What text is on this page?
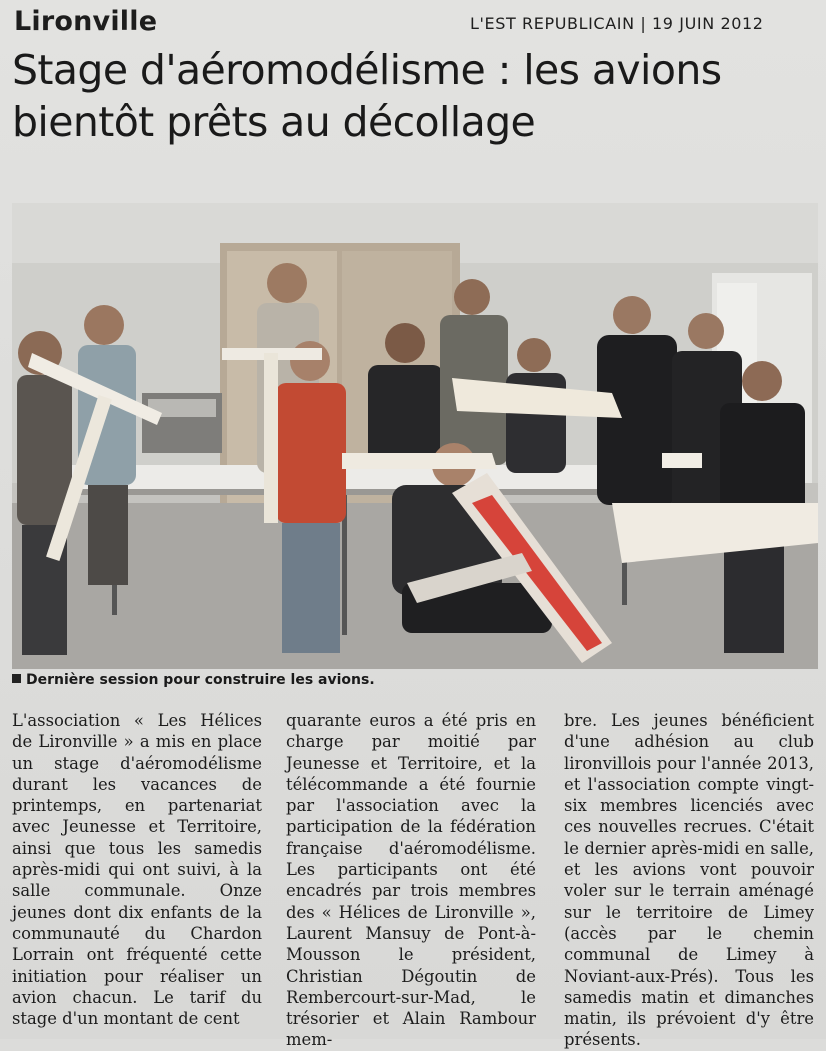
Lironville	L'EST REPUBLICAIN | 19 JUIN 2012
Stage d'aéromodélisme : les avions
bientôt prêts au décollage
Dernière session pour construire les avions.

L'association « Les Hélices de Lironville » a mis en place un stage d'aéromodélisme durant les vacances de printemps, en partenariat avec Jeunesse et Territoire, ainsi que tous les samedis après-midi qui ont suivi, à la salle communale. Onze jeunes dont dix enfants de la communauté du Chardon Lorrain ont fréquenté cette initiation pour réaliser un avion chacun. Le tarif du stage d'un montant de cent

quarante euros a été pris en charge par moitié par Jeunesse et Territoire, et la télécommande a été fournie par l'association avec la participation de la fédération française d'aéromodélisme. Les participants ont été encadrés par trois membres des « Hélices de Lironville », Laurent Mansuy de Pont-à-Mousson le président, Christian Dégoutin de Rembercourt-sur-Mad, le trésorier et Alain Rambour mem-

bre. Les jeunes bénéficient d'une adhésion au club lironvillois pour l'année 2013, et l'association compte vingt-six membres licenciés avec ces nouvelles recrues. C'était le dernier après-midi en salle, et les avions vont pouvoir voler sur le terrain aménagé sur le territoire de Limey (accès par le chemin communal de Limey à Noviant-aux-Prés). Tous les samedis matin et dimanches matin, ils prévoient d'y être présents.
